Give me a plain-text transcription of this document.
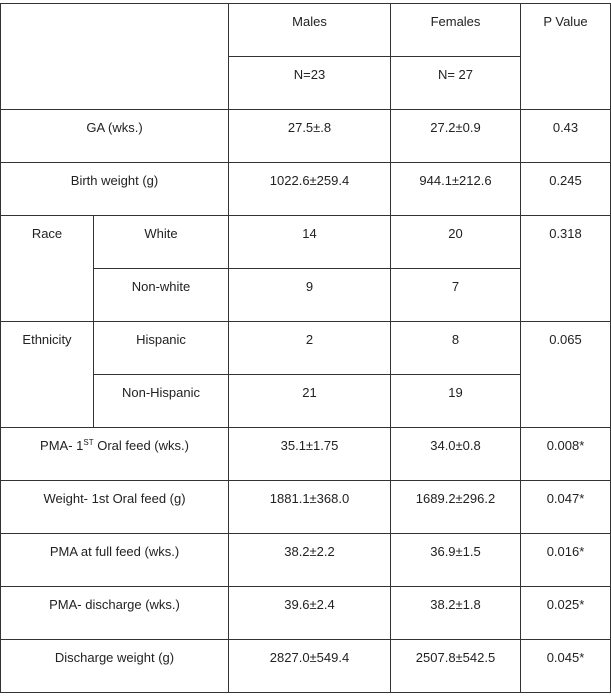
		Males	Females	P Value
		N=23	N= 27	
GA (wks.)		27.5±.8	27.2±0.9	0.43
Birth weight (g)		1022.6±259.4	944.1±212.6	0.245
Race	White	14	20	0.318
	Non-white	9	7	
Ethnicity	Hispanic	2	8	0.065
	Non-Hispanic	21	19	
PMA- 1ST Oral feed (wks.)		35.1±1.75	34.0±0.8	0.008*
Weight- 1st Oral feed (g)		1881.1±368.0	1689.2±296.2	0.047*
PMA at full feed (wks.)		38.2±2.2	36.9±1.5	0.016*
PMA- discharge (wks.)		39.6±2.4	38.2±1.8	0.025*
Discharge weight (g)		2827.0±549.4	2507.8±542.5	0.045*
